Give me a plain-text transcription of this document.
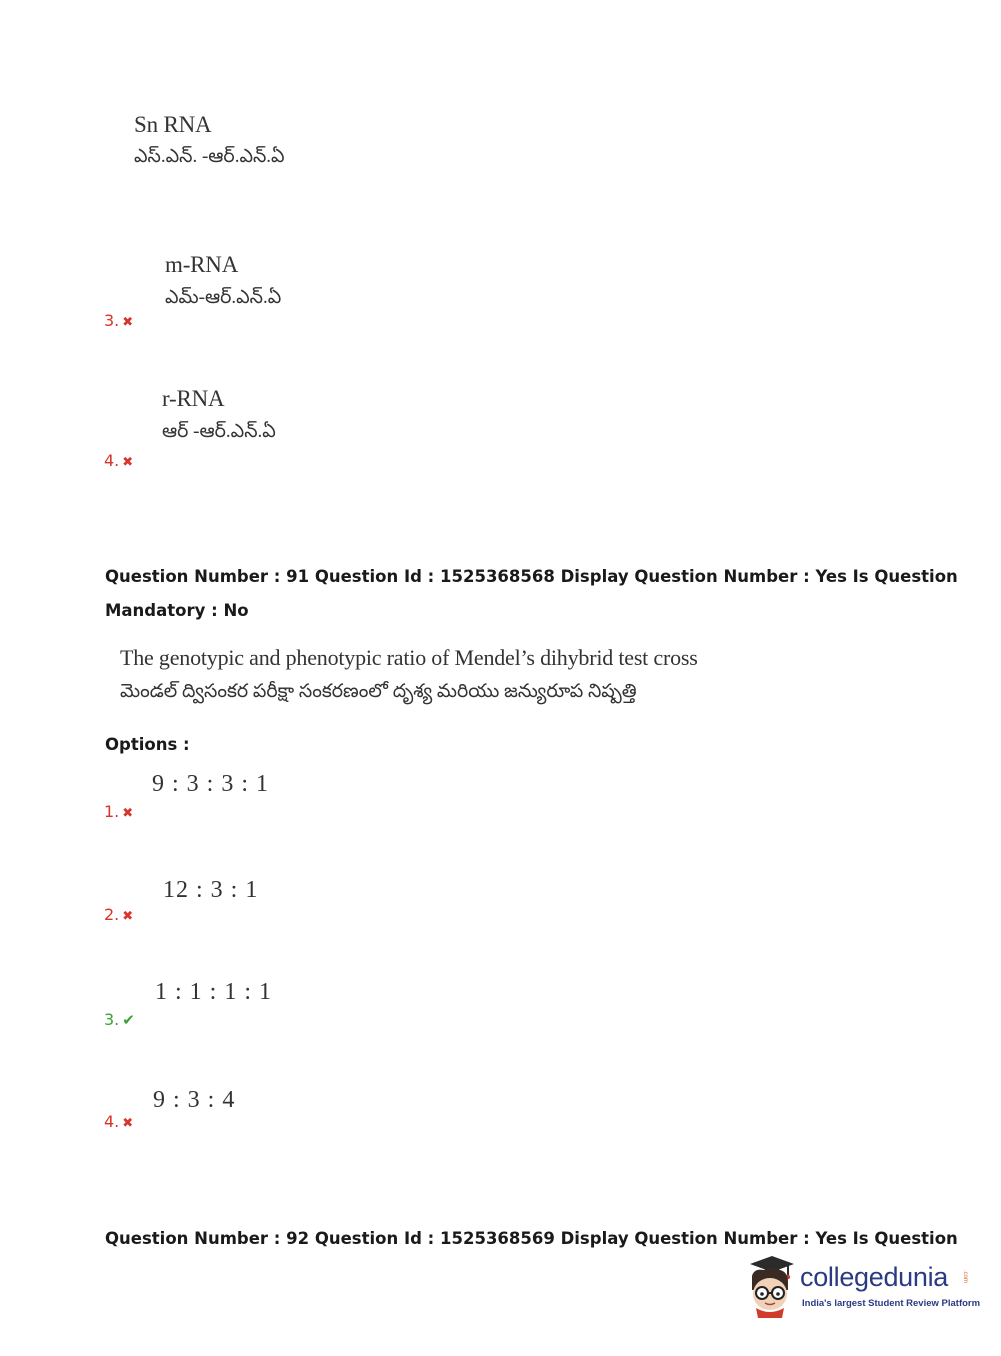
Sn RNA
ఎస్.ఎన్. -ఆర్.ఎన్.ఏ
m-RNA
ఎమ్-ఆర్.ఎన్.ఏ
3. ✖
r-RNA
ఆర్ -ఆర్.ఎన్.ఏ
4. ✖
Question Number : 91 Question Id : 1525368568 Display Question Number : Yes Is Question
Mandatory : No
The genotypic and phenotypic ratio of Mendel’s dihybrid test cross
మెండల్ ద్విసంకర పరీక్షా సంకరణంలో దృశ్య మరియు జన్యురూప నిష్పత్తి
Options :
9 : 3 : 3 : 1
1. ✖
12 : 3 : 1
2. ✖
1 : 1 : 1 : 1
3. ✔
9 : 3 : 4
4. ✖
Question Number : 92 Question Id : 1525368569 Display Question Number : Yes Is Question
collegedunia .com
India's largest Student Review Platform
